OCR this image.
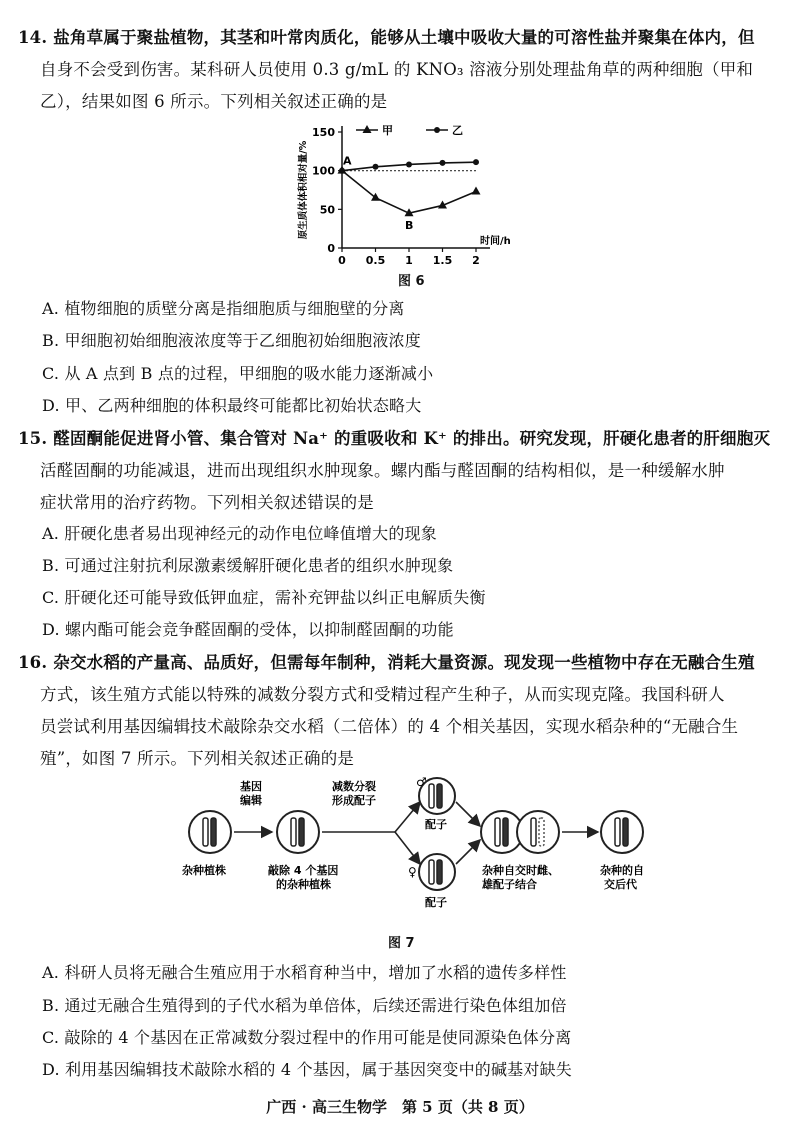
14. 盐角草属于聚盐植物，其茎和叶常肉质化，能够从土壤中吸收大量的可溶性盐并聚集在体内，但
自身不会受到伤害。某科研人员使用 0.3 g/mL 的 KNO₃ 溶液分别处理盐角草的两种细胞（甲和
乙），结果如图 6 所示。下列相关叙述正确的是
0
50
100
150
0 0.5 1 1.5 2
时间/h
原生质体体积相对量/%
甲	乙
A
B
图 6
A. 植物细胞的质壁分离是指细胞质与细胞壁的分离
B. 甲细胞初始细胞液浓度等于乙细胞初始细胞液浓度
C. 从 A 点到 B 点的过程，甲细胞的吸水能力逐渐减小
D. 甲、乙两种细胞的体积最终可能都比初始状态略大
15. 醛固酮能促进肾小管、集合管对 Na⁺ 的重吸收和 K⁺ 的排出。研究发现，肝硬化患者的肝细胞灭
活醛固酮的功能减退，进而出现组织水肿现象。螺内酯与醛固酮的结构相似，是一种缓解水肿
症状常用的治疗药物。下列相关叙述错误的是
A. 肝硬化患者易出现神经元的动作电位峰值增大的现象
B. 可通过注射抗利尿激素缓解肝硬化患者的组织水肿现象
C. 肝硬化还可能导致低钾血症，需补充钾盐以纠正电解质失衡
D. 螺内酯可能会竞争醛固酮的受体，以抑制醛固酮的功能
16. 杂交水稻的产量高、品质好，但需每年制种，消耗大量资源。现发现一些植物中存在无融合生殖
方式，该生殖方式能以特殊的减数分裂方式和受精过程产生种子，从而实现克隆。我国科研人
员尝试利用基因编辑技术敲除杂交水稻（二倍体）的 4 个相关基因，实现水稻杂种的“无融合生
殖”，如图 7 所示。下列相关叙述正确的是
基因
编辑
减数分裂
形成配子
♂
配子
♀
配子
杂种植株	敲除 4 个基因
的杂种植株
杂种自交时雌、
雄配子结合
杂种的自
交后代
图 7
A. 科研人员将无融合生殖应用于水稻育种当中，增加了水稻的遗传多样性
B. 通过无融合生殖得到的子代水稻为单倍体，后续还需进行染色体组加倍
C. 敲除的 4 个基因在正常减数分裂过程中的作用可能是使同源染色体分离
D. 利用基因编辑技术敲除水稻的 4 个基因，属于基因突变中的碱基对缺失
广西 · 高三生物学　第 5 页（共 8 页）
